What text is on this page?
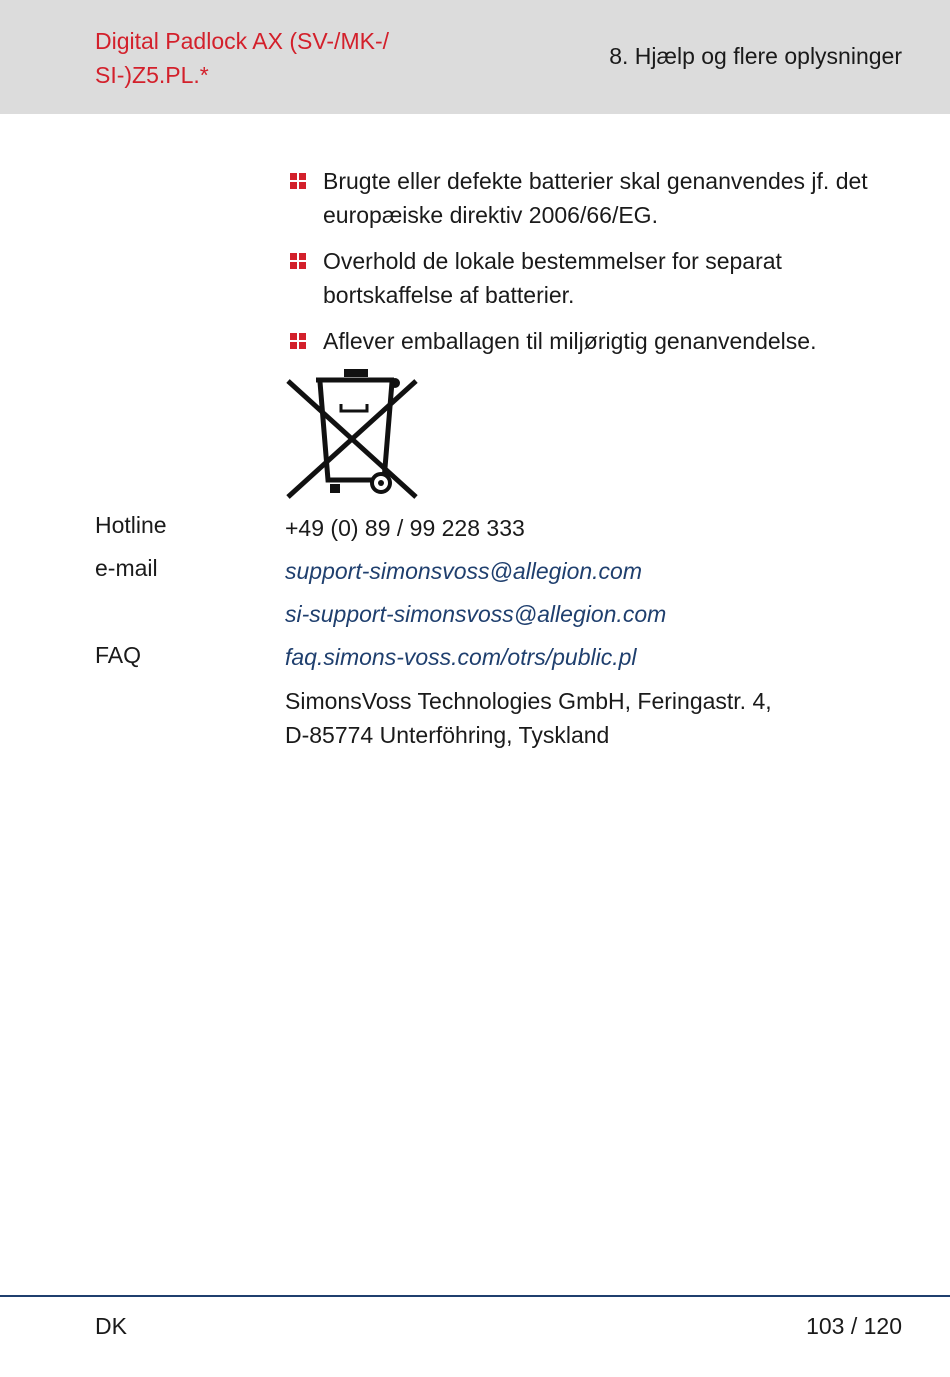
Digital Padlock AX (SV-/MK-/ SI-)Z5.PL.*
8. Hjælp og flere oplysninger
Brugte eller defekte batterier skal genanvendes jf. det europæiske direktiv 2006/66/EG.
Overhold de lokale bestemmelser for separat bortskaffelse af batterier.
Aflever emballagen til miljørigtig genanvendelse.
Hotline	+49 (0) 89 / 99 228 333
e-mail	support-simonsvoss@allegion.com
si-support-simonsvoss@allegion.com
FAQ	faq.simons-voss.com/otrs/public.pl
SimonsVoss Technologies GmbH, Feringastr. 4,
D-85774 Unterföhring, Tyskland
DK	103 / 120
